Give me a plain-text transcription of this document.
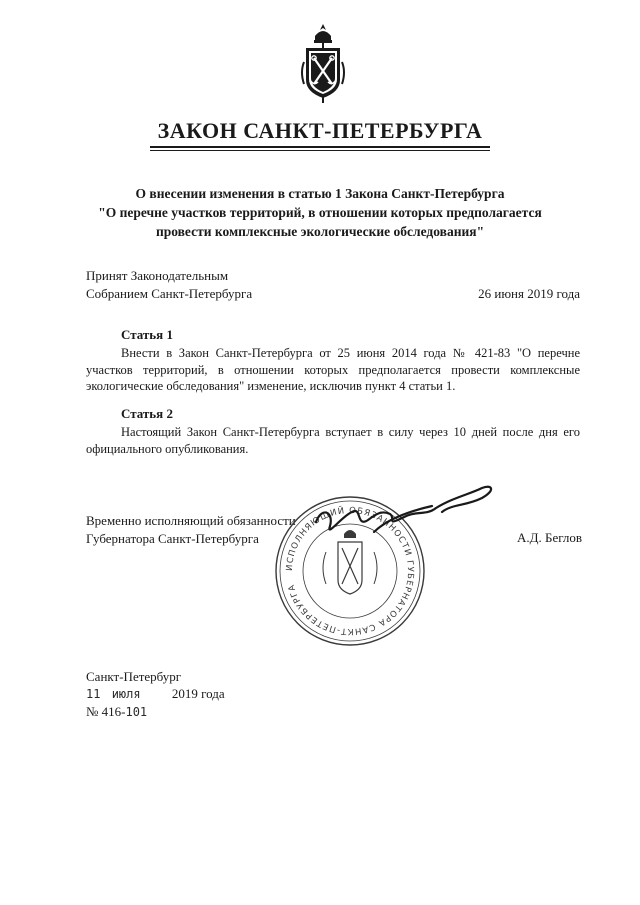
ЗАКОН САНКТ-ПЕТЕРБУРГА
О внесении изменения в статью 1 Закона Санкт-Петербурга
"О перечне участков территорий, в отношении которых предполагается
провести комплексные экологические обследования"
Принят Законодательным
Собранием Санкт-Петербурга	26 июня 2019 года
Статья 1
Внести в Закон Санкт-Петербурга от 25 июня 2014 года № 421-83 "О перечне участков территорий, в отношении которых предполагается провести комплексные экологические обследования" изменение, исключив пункт 4 статьи 1.
Статья 2
Настоящий Закон Санкт-Петербурга вступает в силу через 10 дней после дня его официального опубликования.
Временно исполняющий обязанности
Губернатора Санкт-Петербурга
ИСПОЛНЯЮЩИЙ ОБЯЗАННОСТИ ГУБЕРНАТОРА САНКТ-ПЕТЕРБУРГА
А.Д. Беглов
Санкт-Петербург
11 июля 2019 года
№ 416-101
